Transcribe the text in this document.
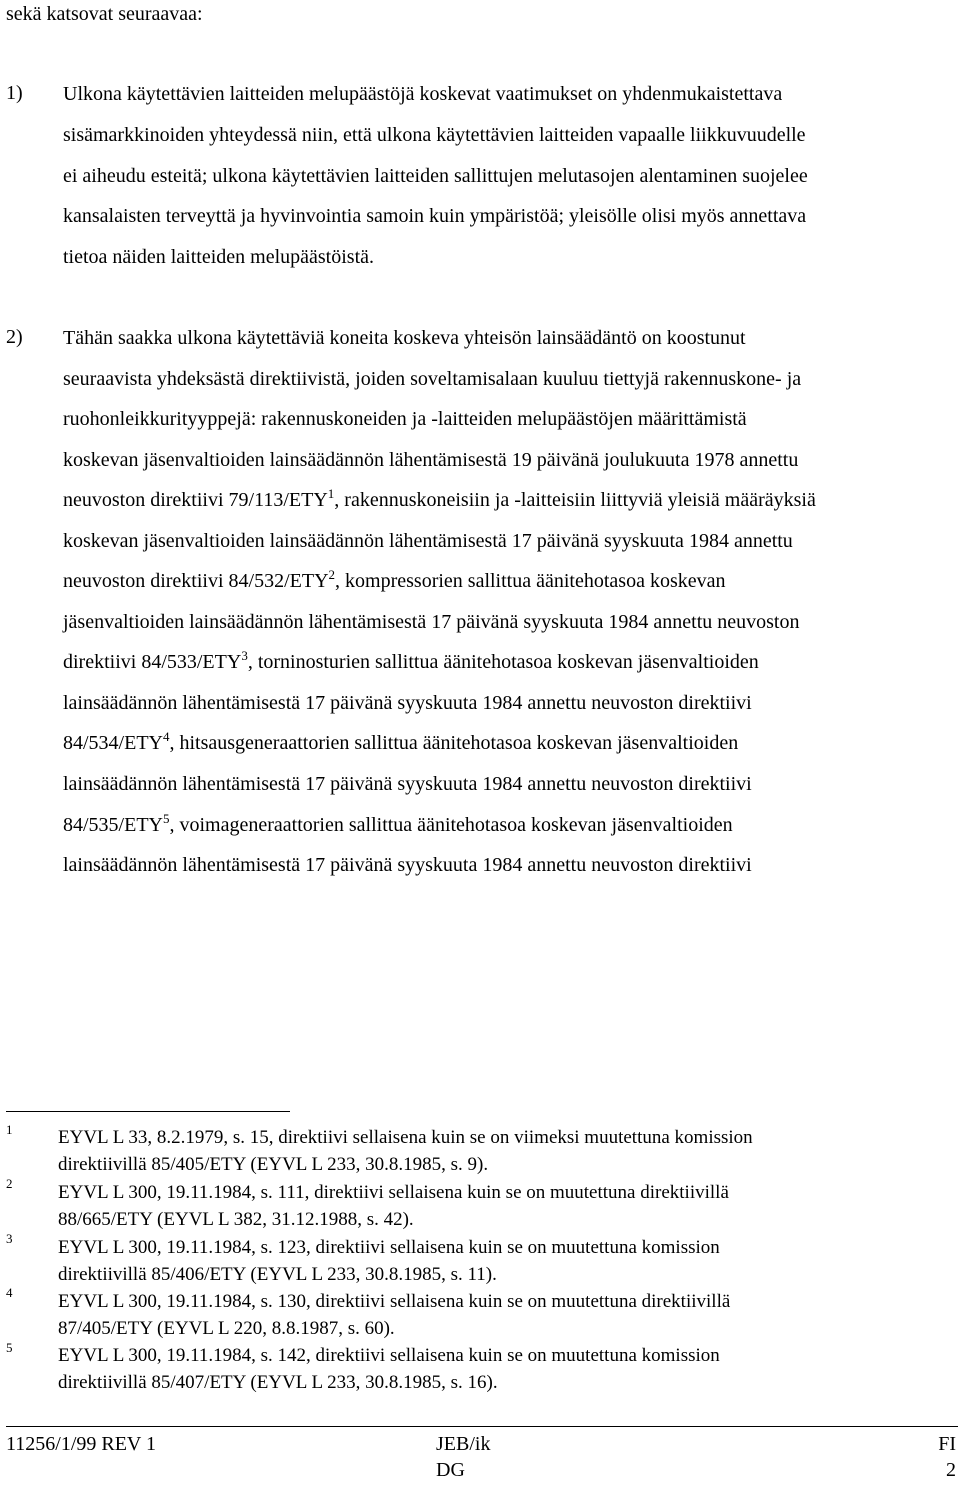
sekä katsovat seuraavaa:
1) Ulkona käytettävien laitteiden melupäästöjä koskevat vaatimukset on yhdenmukaistettava
sisämarkkinoiden yhteydessä niin, että ulkona käytettävien laitteiden vapaalle liikkuvuudelle
ei aiheudu esteitä; ulkona käytettävien laitteiden sallittujen melutasojen alentaminen suojelee
kansalaisten terveyttä ja hyvinvointia samoin kuin ympäristöä; yleisölle olisi myös annettava
tietoa näiden laitteiden melupäästöistä.
2) Tähän saakka ulkona käytettäviä koneita koskeva yhteisön lainsäädäntö on koostunut
seuraavista yhdeksästä direktiivistä, joiden soveltamisalaan kuuluu tiettyjä rakennuskone- ja
ruohonleikkurityyppejä: rakennuskoneiden ja -laitteiden melupäästöjen määrittämistä
koskevan jäsenvaltioiden lainsäädännön lähentämisestä 19 päivänä joulukuuta 1978 annettu
neuvoston direktiivi 79/113/ETY$^1$, rakennuskoneisiin ja -laitteisiin liittyviä yleisiä määräyksiä
koskevan jäsenvaltioiden lainsäädännön lähentämisestä 17 päivänä syyskuuta 1984 annettu
neuvoston direktiivi 84/532/ETY$^2$, kompressorien sallittua äänitehotasoa koskevan
jäsenvaltioiden lainsäädännön lähentämisestä 17 päivänä syyskuuta 1984 annettu neuvoston
direktiivi 84/533/ETY$^3$, torninosturien sallittua äänitehotasoa koskevan jäsenvaltioiden
lainsäädännön lähentämisestä 17 päivänä syyskuuta 1984 annettu neuvoston direktiivi
84/534/ETY$^4$, hitsausgeneraattorien sallittua äänitehotasoa koskevan jäsenvaltioiden
lainsäädännön lähentämisestä 17 päivänä syyskuuta 1984 annettu neuvoston direktiivi
84/535/ETY$^5$, voimageneraattorien sallittua äänitehotasoa koskevan jäsenvaltioiden
lainsäädännön lähentämisestä 17 päivänä syyskuuta 1984 annettu neuvoston direktiivi
1 EYVL L 33, 8.2.1979, s. 15, direktiivi sellaisena kuin se on viimeksi muutettuna komission
direktiivillä 85/405/ETY (EYVL L 233, 30.8.1985, s. 9).
2 EYVL L 300, 19.11.1984, s. 111, direktiivi sellaisena kuin se on muutettuna direktiivillä
88/665/ETY (EYVL L 382, 31.12.1988, s. 42).
3 EYVL L 300, 19.11.1984, s. 123, direktiivi sellaisena kuin se on muutettuna komission
direktiivillä 85/406/ETY (EYVL L 233, 30.8.1985, s. 11).
4 EYVL L 300, 19.11.1984, s. 130, direktiivi sellaisena kuin se on muutettuna direktiivillä
87/405/ETY (EYVL L 220, 8.8.1987, s. 60).
5 EYVL L 300, 19.11.1984, s. 142, direktiivi sellaisena kuin se on muutettuna komission
direktiivillä 85/407/ETY (EYVL L 233, 30.8.1985, s. 16).
11256/1/99 REV 1	JEB/ik	FI
DG	2
